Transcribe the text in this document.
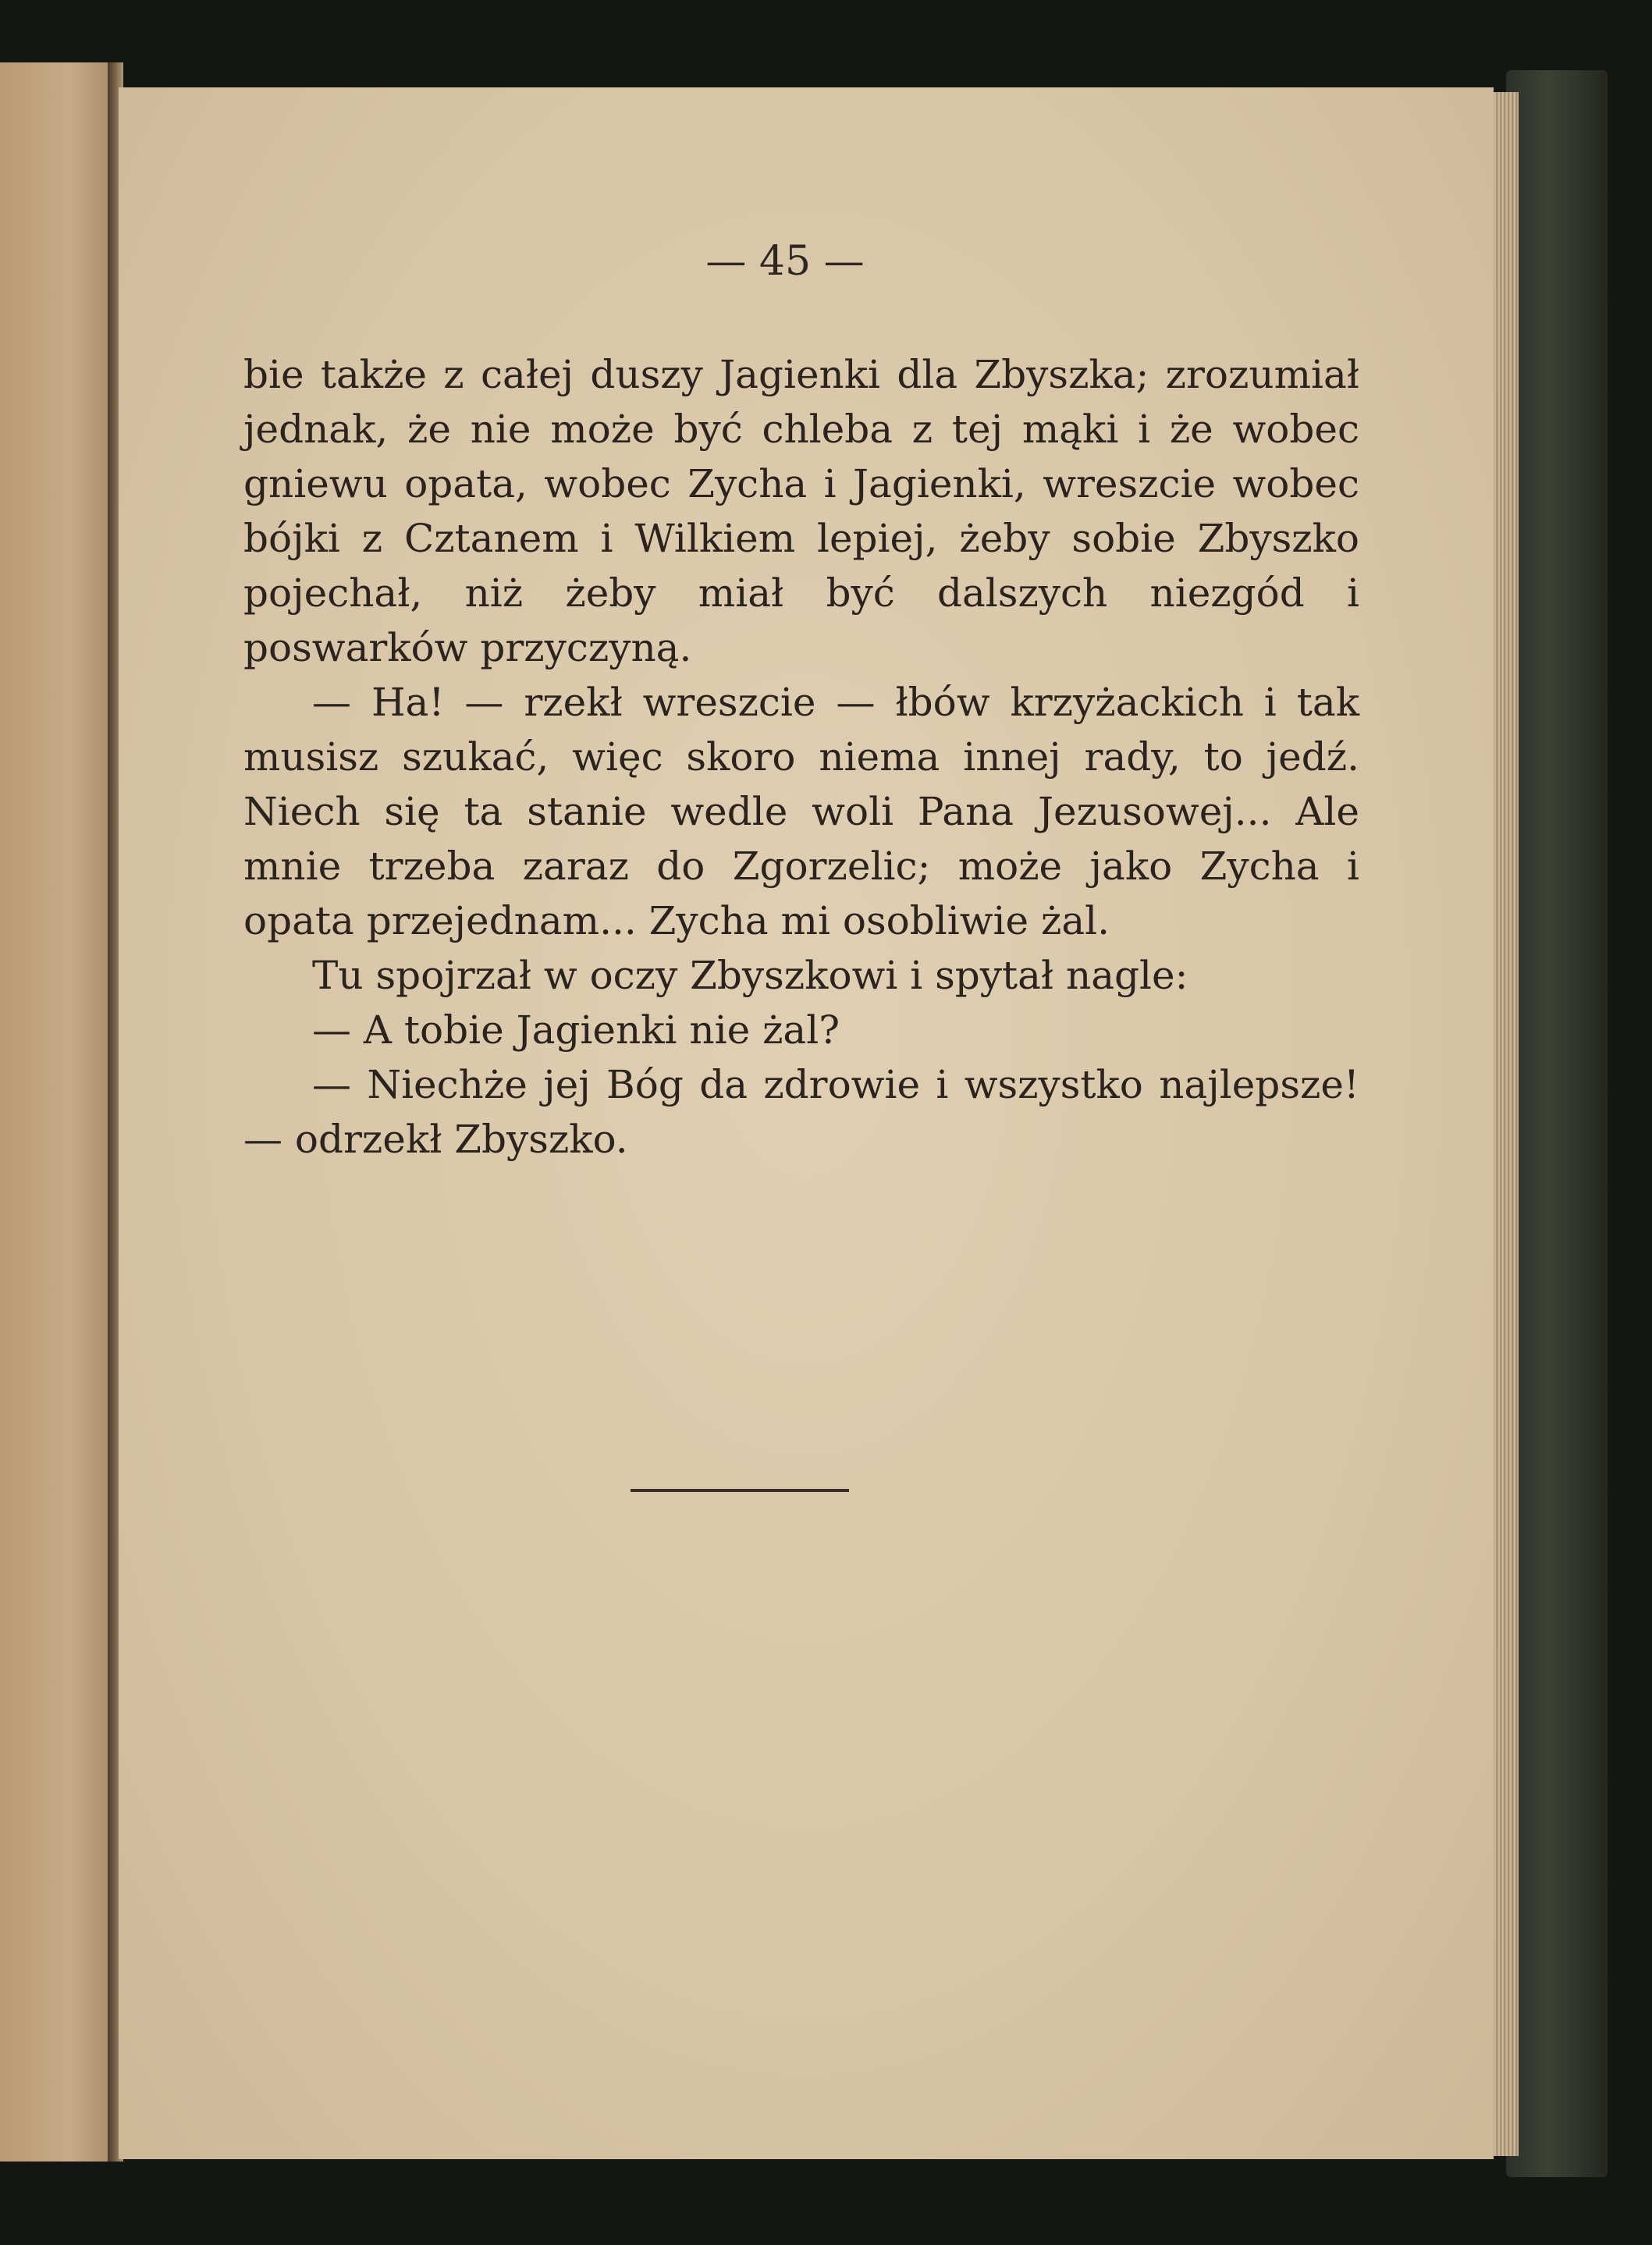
— 45 —

bie także z całej duszy Jagienki dla Zbyszka; zrozumiał jednak, że nie może być chleba z tej mąki i że wobec gniewu opata, wobec Zycha i Jagienki, wreszcie wobec bójki z Cztanem i Wilkiem lepiej, żeby sobie Zbyszko pojechał, niż żeby miał być dalszych niezgód i poswarków przyczyną.

— Ha! — rzekł wreszcie — łbów krzyżackich i tak musisz szukać, więc skoro niema innej rady, to jedź. Niech się ta stanie wedle woli Pana Jezusowej... Ale mnie trzeba zaraz do Zgorzelic; może jako Zycha i opata przejednam... Zycha mi osobliwie żal.

Tu spojrzał w oczy Zbyszkowi i spytał nagle:

— A tobie Jagienki nie żal?

— Niechże jej Bóg da zdrowie i wszystko najlepsze! — odrzekł Zbyszko.
